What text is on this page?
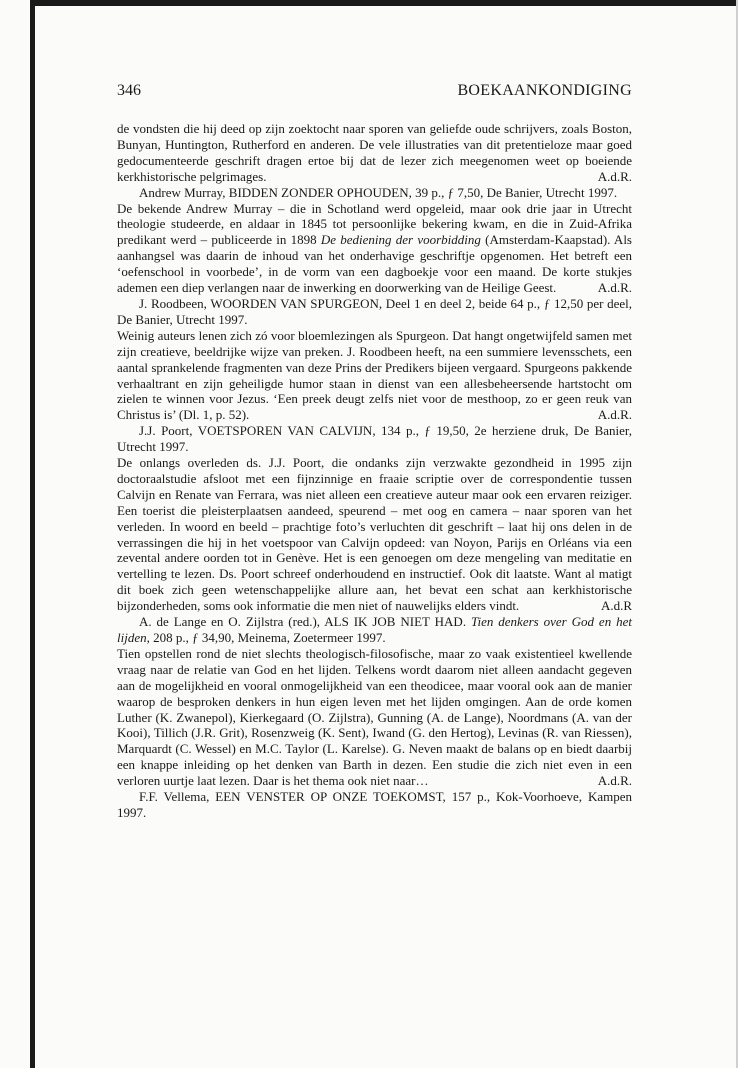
346	BOEKAANKONDIGING

de vondsten die hij deed op zijn zoektocht naar sporen van geliefde oude schrijvers, zoals Boston, Bunyan, Huntington, Rutherford en anderen. De vele illustraties van dit pretentieloze maar goed gedocumenteerde geschrift dragen ertoe bij dat de lezer zich meegenomen weet op boeiende kerkhistorische pelgrimages.	A.d.R.

Andrew Murray, BIDDEN ZONDER OPHOUDEN, 39 p., ƒ 7,50, De Banier, Utrecht 1997.

De bekende Andrew Murray – die in Schotland werd opgeleid, maar ook drie jaar in Utrecht theologie studeerde, en aldaar in 1845 tot persoonlijke bekering kwam, en die in Zuid-Afrika predikant werd – publiceerde in 1898 De bediening der voorbidding (Amsterdam-Kaapstad). Als aanhangsel was daarin de inhoud van het onderhavige geschriftje opgenomen. Het betreft een ‘oefenschool in voorbede’, in de vorm van een dagboekje voor een maand. De korte stukjes ademen een diep verlangen naar de inwerking en doorwerking van de Heilige Geest.	A.d.R.

J. Roodbeen, WOORDEN VAN SPURGEON, Deel 1 en deel 2, beide 64 p., ƒ 12,50 per deel, De Banier, Utrecht 1997.

Weinig auteurs lenen zich zó voor bloemlezingen als Spurgeon. Dat hangt ongetwijfeld samen met zijn creatieve, beeldrijke wijze van preken. J. Roodbeen heeft, na een summiere levensschets, een aantal sprankelende fragmenten van deze Prins der Predikers bijeen vergaard. Spurgeons pakkende verhaaltrant en zijn geheiligde humor staan in dienst van een allesbeheersende hartstocht om zielen te winnen voor Jezus. ‘Een preek deugt zelfs niet voor de mesthoop, zo er geen reuk van Christus is’ (Dl. 1, p. 52).	A.d.R.

J.J. Poort, VOETSPOREN VAN CALVIJN, 134 p., ƒ 19,50, 2e herziene druk, De Banier, Utrecht 1997.

De onlangs overleden ds. J.J. Poort, die ondanks zijn verzwakte gezondheid in 1995 zijn doctoraalstudie afsloot met een fijnzinnige en fraaie scriptie over de correspondentie tussen Calvijn en Renate van Ferrara, was niet alleen een creatieve auteur maar ook een ervaren reiziger. Een toerist die pleisterplaatsen aandeed, speurend – met oog en camera – naar sporen van het verleden. In woord en beeld – prachtige foto’s verluchten dit geschrift – laat hij ons delen in de verrassingen die hij in het voetspoor van Calvijn opdeed: van Noyon, Parijs en Orléans via een zevental andere oorden tot in Genève. Het is een genoegen om deze mengeling van meditatie en vertelling te lezen. Ds. Poort schreef onderhoudend en instructief. Ook dit laatste. Want al matigt dit boek zich geen wetenschappelijke allure aan, het bevat een schat aan kerkhistorische bijzonderheden, soms ook informatie die men niet of nauwelijks elders vindt.	A.d.R

A. de Lange en O. Zijlstra (red.), ALS IK JOB NIET HAD. Tien denkers over God en het lijden, 208 p., ƒ 34,90, Meinema, Zoetermeer 1997.

Tien opstellen rond de niet slechts theologisch-filosofische, maar zo vaak existentieel kwellende vraag naar de relatie van God en het lijden. Telkens wordt daarom niet alleen aandacht gegeven aan de mogelijkheid en vooral onmogelijkheid van een theodicee, maar vooral ook aan de manier waarop de besproken denkers in hun eigen leven met het lijden omgingen. Aan de orde komen Luther (K. Zwanepol), Kierkegaard (O. Zijlstra), Gunning (A. de Lange), Noordmans (A. van der Kooi), Tillich (J.R. Grit), Rosenzweig (K. Sent), Iwand (G. den Hertog), Levinas (R. van Riessen), Marquardt (C. Wessel) en M.C. Taylor (L. Karelse). G. Neven maakt de balans op en biedt daarbij een knappe inleiding op het denken van Barth in dezen. Een studie die zich niet even in een verloren uurtje laat lezen. Daar is het thema ook niet naar…	A.d.R.

F.F. Vellema, EEN VENSTER OP ONZE TOEKOMST, 157 p., Kok-Voorhoeve, Kampen 1997.
